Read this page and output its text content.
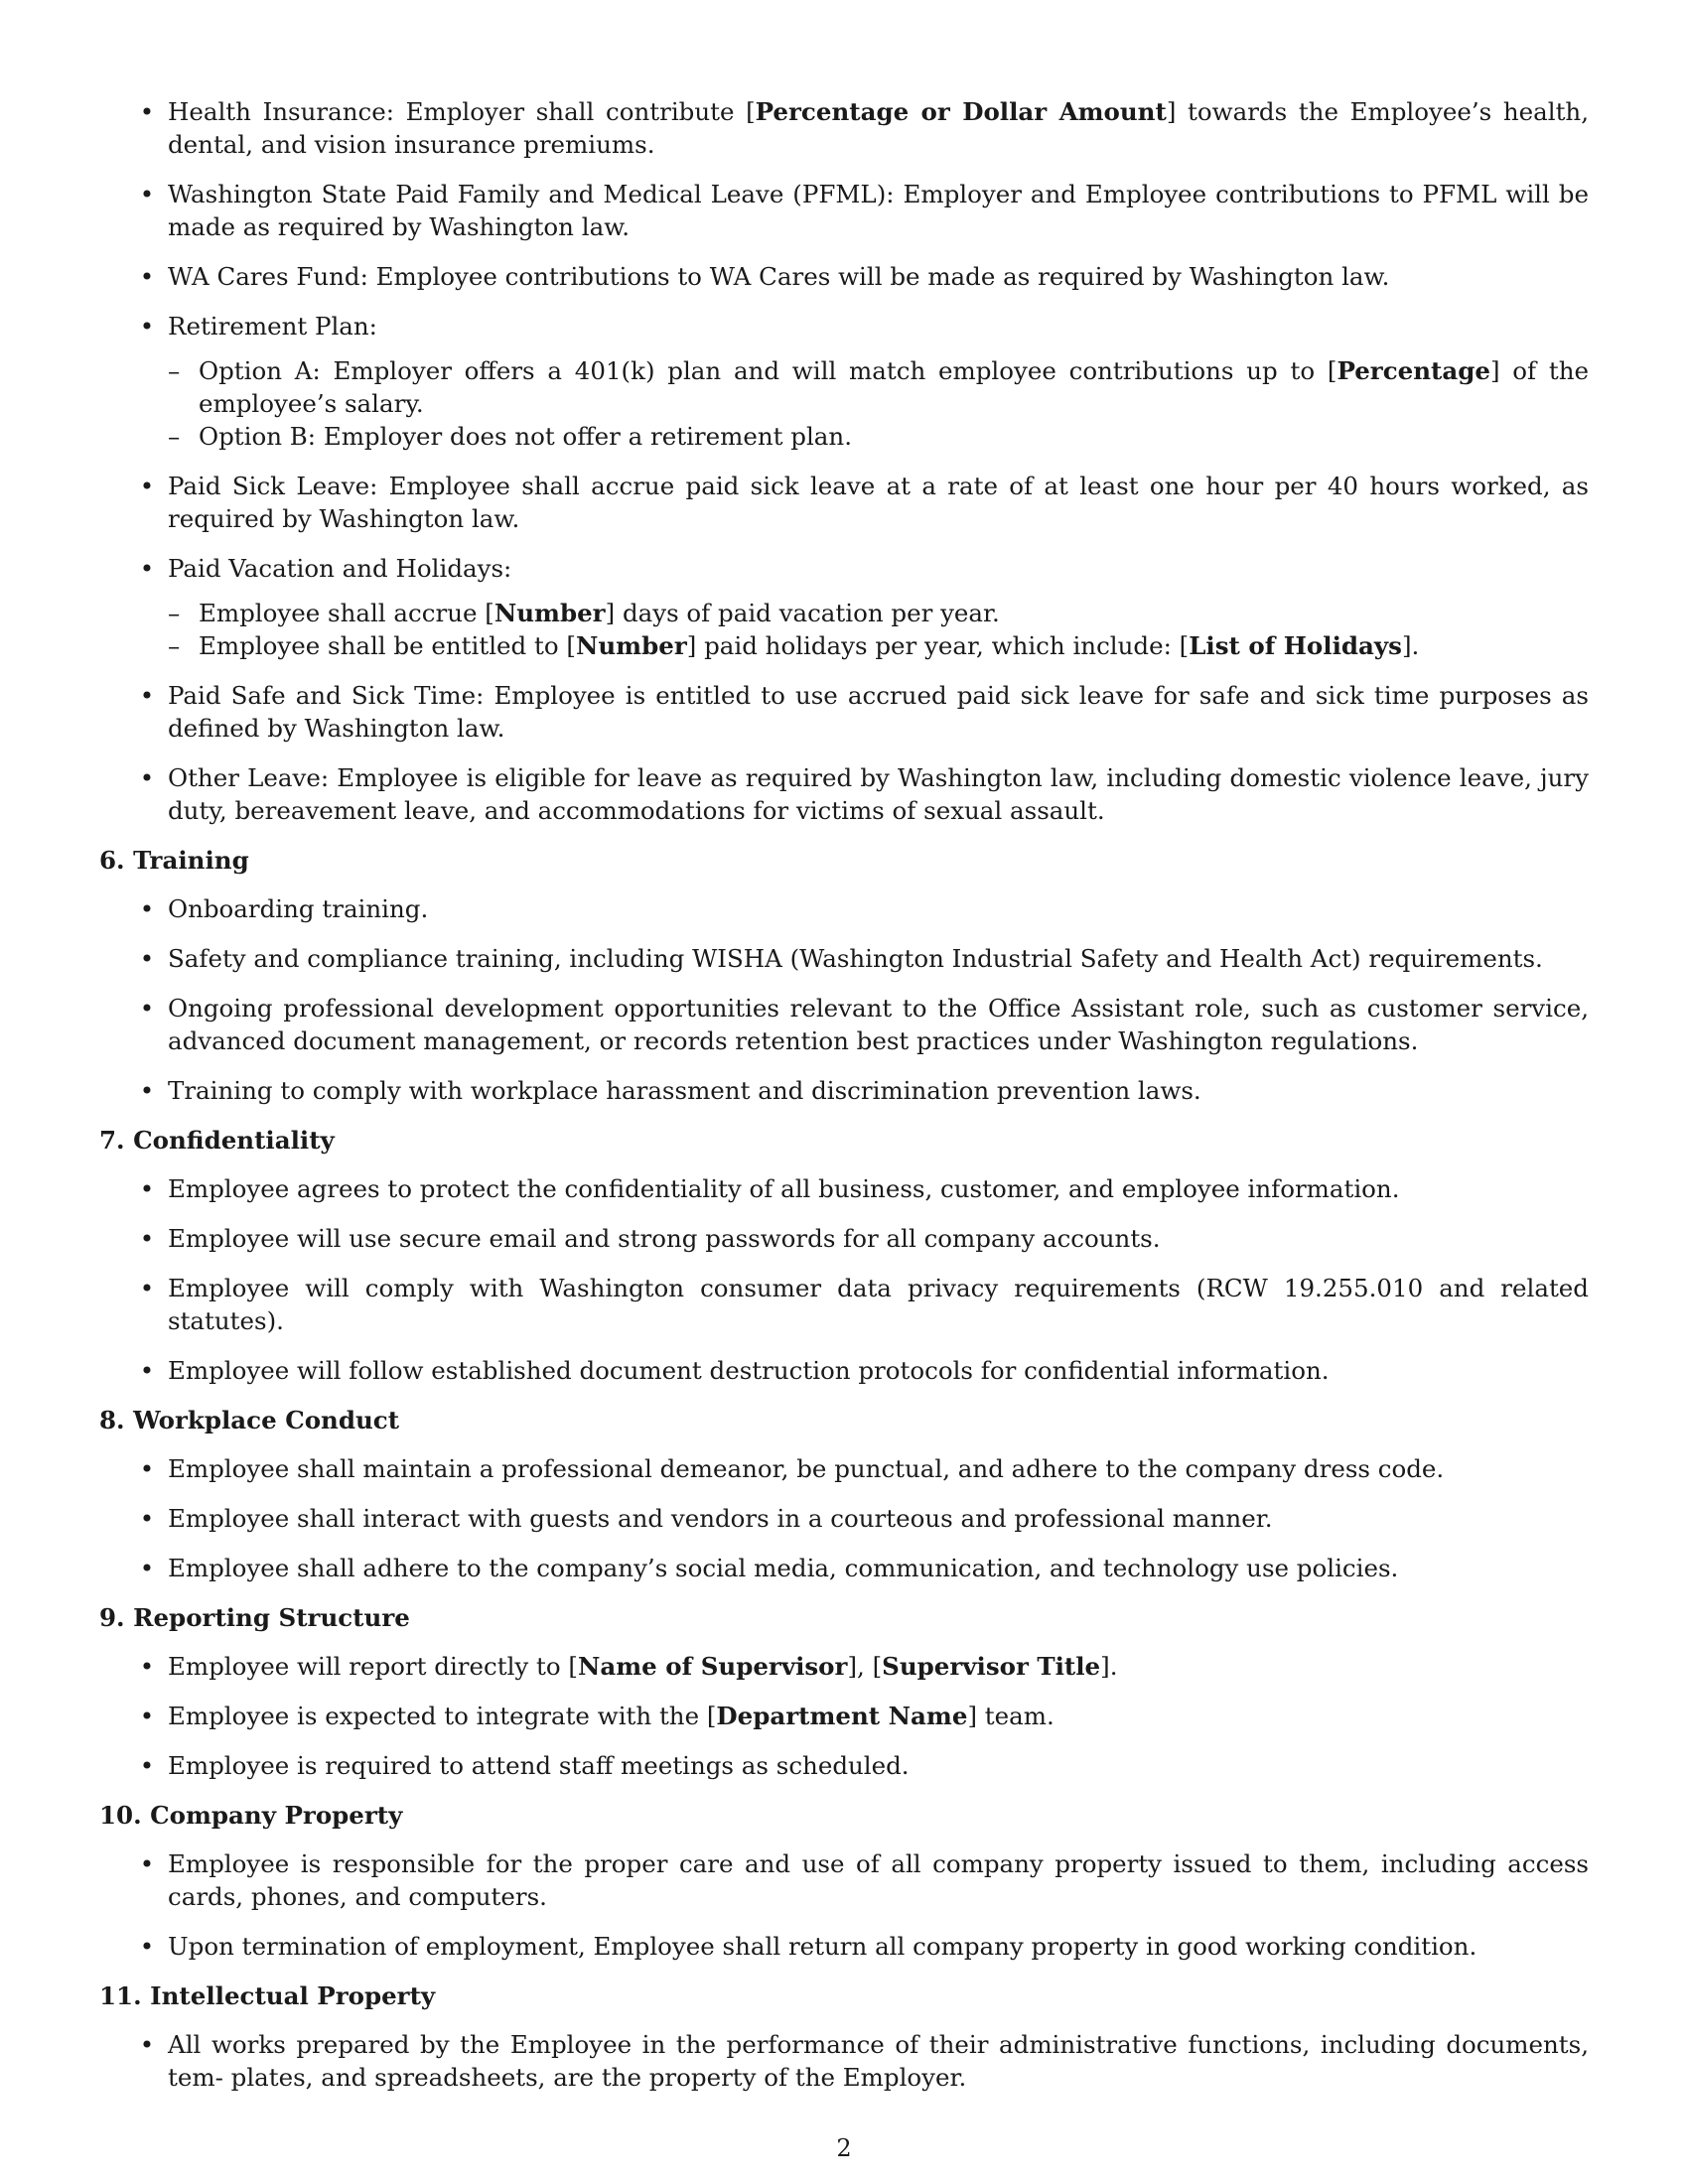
• Health Insurance: Employer shall contribute [Percentage or Dollar Amount] towards the Employee’s health, dental, and vision insurance premiums.
• Washington State Paid Family and Medical Leave (PFML): Employer and Employee contributions to PFML will be made as required by Washington law.
• WA Cares Fund: Employee contributions to WA Cares will be made as required by Washington law.
• Retirement Plan:
– Option A: Employer offers a 401(k) plan and will match employee contributions up to [Percentage] of the employee’s salary.
– Option B: Employer does not offer a retirement plan.
• Paid Sick Leave: Employee shall accrue paid sick leave at a rate of at least one hour per 40 hours worked, as required by Washington law.
• Paid Vacation and Holidays:
– Employee shall accrue [Number] days of paid vacation per year.
– Employee shall be entitled to [Number] paid holidays per year, which include: [List of Holidays].
• Paid Safe and Sick Time: Employee is entitled to use accrued paid sick leave for safe and sick time purposes as defined by Washington law.
• Other Leave: Employee is eligible for leave as required by Washington law, including domestic violence leave, jury duty, bereavement leave, and accommodations for victims of sexual assault.
6. Training
• Onboarding training.
• Safety and compliance training, including WISHA (Washington Industrial Safety and Health Act) requirements.
• Ongoing professional development opportunities relevant to the Office Assistant role, such as customer service, advanced document management, or records retention best practices under Washington regulations.
• Training to comply with workplace harassment and discrimination prevention laws.
7. Confidentiality
• Employee agrees to protect the confidentiality of all business, customer, and employee information.
• Employee will use secure email and strong passwords for all company accounts.
• Employee will comply with Washington consumer data privacy requirements (RCW 19.255.010 and related statutes).
• Employee will follow established document destruction protocols for confidential information.
8. Workplace Conduct
• Employee shall maintain a professional demeanor, be punctual, and adhere to the company dress code.
• Employee shall interact with guests and vendors in a courteous and professional manner.
• Employee shall adhere to the company’s social media, communication, and technology use policies.
9. Reporting Structure
• Employee will report directly to [Name of Supervisor], [Supervisor Title].
• Employee is expected to integrate with the [Department Name] team.
• Employee is required to attend staff meetings as scheduled.
10. Company Property
• Employee is responsible for the proper care and use of all company property issued to them, including access cards, phones, and computers.
• Upon termination of employment, Employee shall return all company property in good working condition.
11. Intellectual Property
• All works prepared by the Employee in the performance of their administrative functions, including documents, tem- plates, and spreadsheets, are the property of the Employer.
2
